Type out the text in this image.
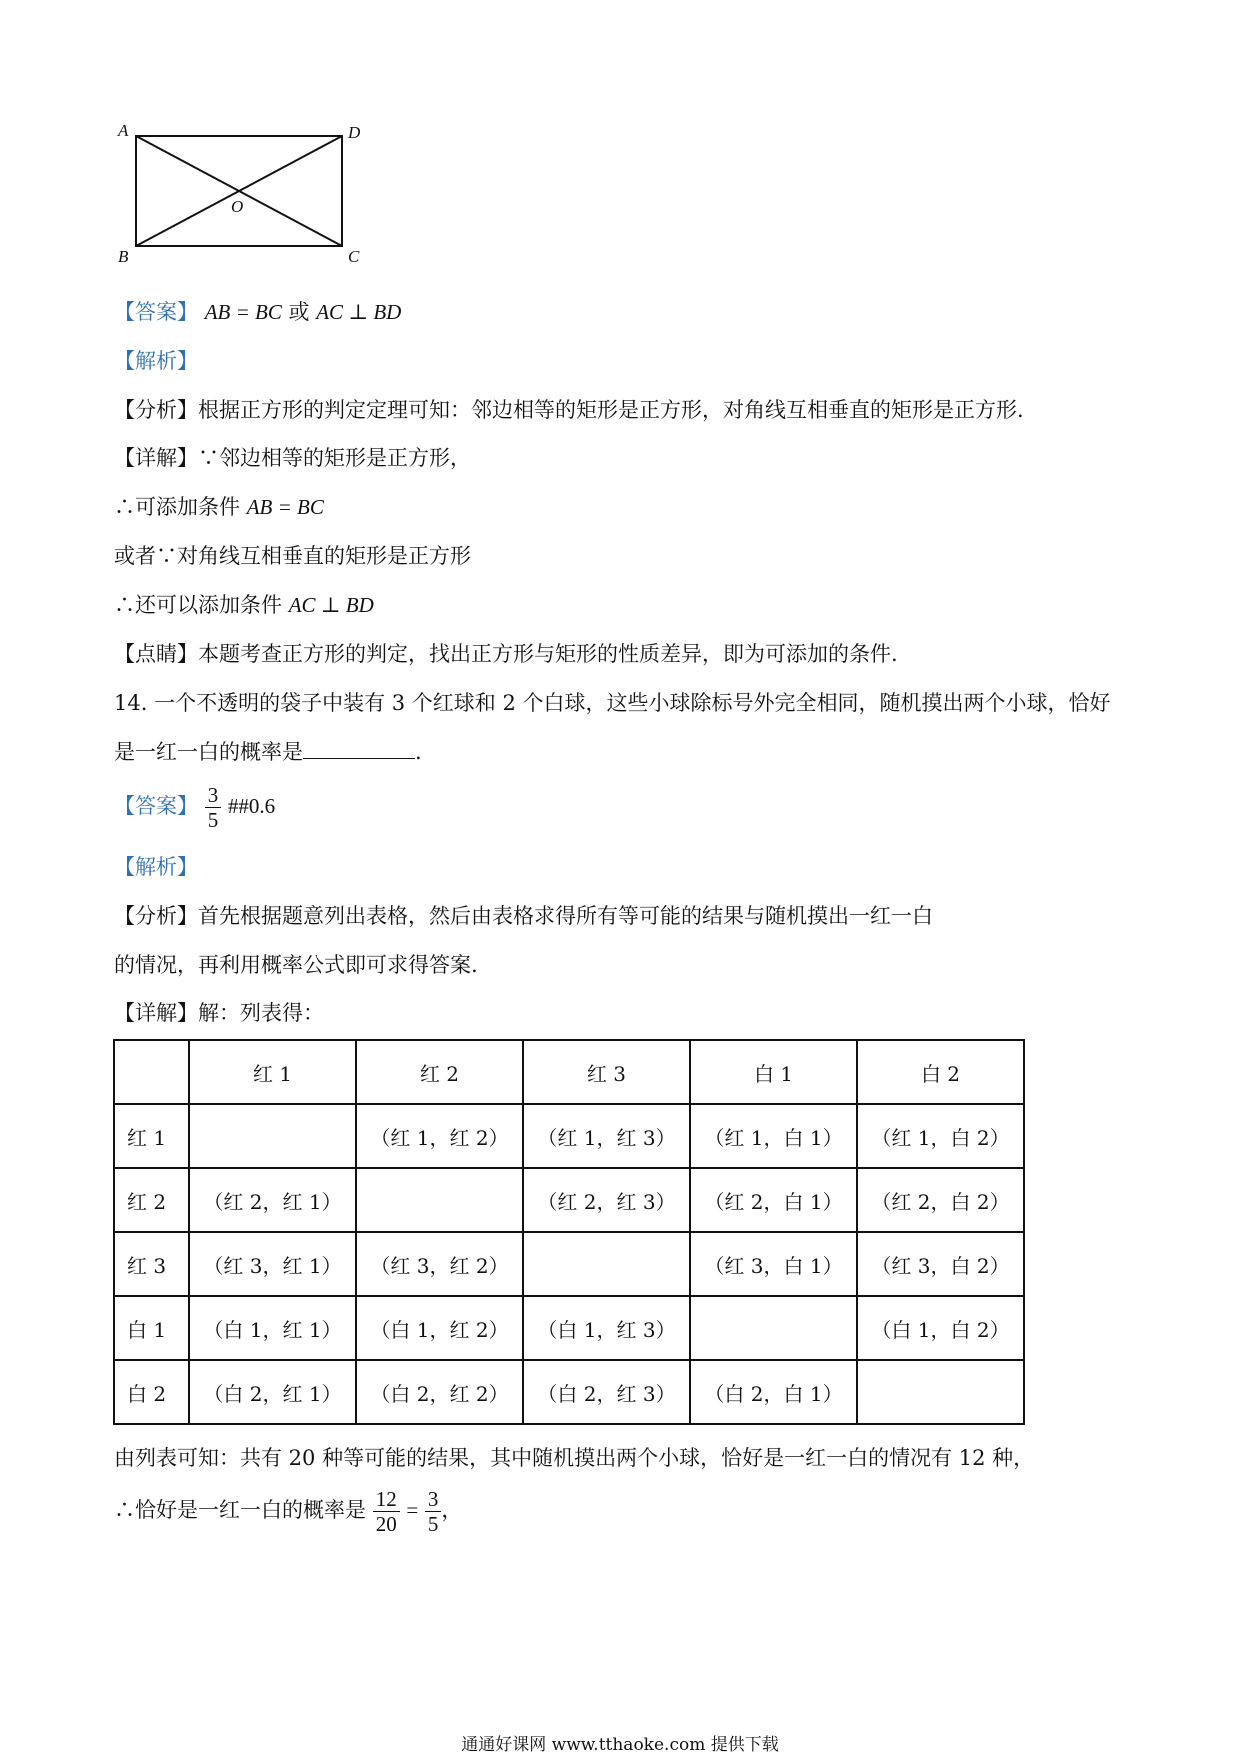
A	D
B	C
O
【答案】 AB = BC 或 AC ⊥ BD
【解析】
【分析】根据正方形的判定定理可知：邻边相等的矩形是正方形，对角线互相垂直的矩形是正方形.
【详解】∵邻边相等的矩形是正方形，
∴可添加条件 AB = BC
或者∵对角线互相垂直的矩形是正方形
∴还可以添加条件 AC ⊥ BD
【点睛】本题考查正方形的判定，找出正方形与矩形的性质差异，即为可添加的条件.
14. 一个不透明的袋子中装有 3 个红球和 2 个白球，这些小球除标号外完全相同，随机摸出两个小球，恰好
是一红一白的概率是	.
【答案】 $\frac{3}{5}$ ##0.6
【解析】
【分析】首先根据题意列出表格，然后由表格求得所有等可能的结果与随机摸出一红一白
的情况，再利用概率公式即可求得答案.
【详解】解：列表得：
	红 1	红 2	红 3	白 1	白 2
红 1		（红 1，红 2）	（红 1，红 3）	（红 1，白 1）	（红 1，白 2）
红 2	（红 2，红 1）		（红 2，红 3）	（红 2，白 1）	（红 2，白 2）
红 3	（红 3，红 1）	（红 3，红 2）		（红 3，白 1）	（红 3，白 2）
白 1	（白 1，红 1）	（白 1，红 2）	（白 1，红 3）		（白 1，白 2）
白 2	（白 2，红 1）	（白 2，红 2）	（白 2，红 3）	（白 2，白 1）	
由列表可知：共有 20 种等可能的结果，其中随机摸出两个小球，恰好是一红一白的情况有 12 种，
∴恰好是一红一白的概率是 $\frac{12}{20} = \frac{3}{5}$ ，
通通好课网 www.tthaoke.com 提供下载
